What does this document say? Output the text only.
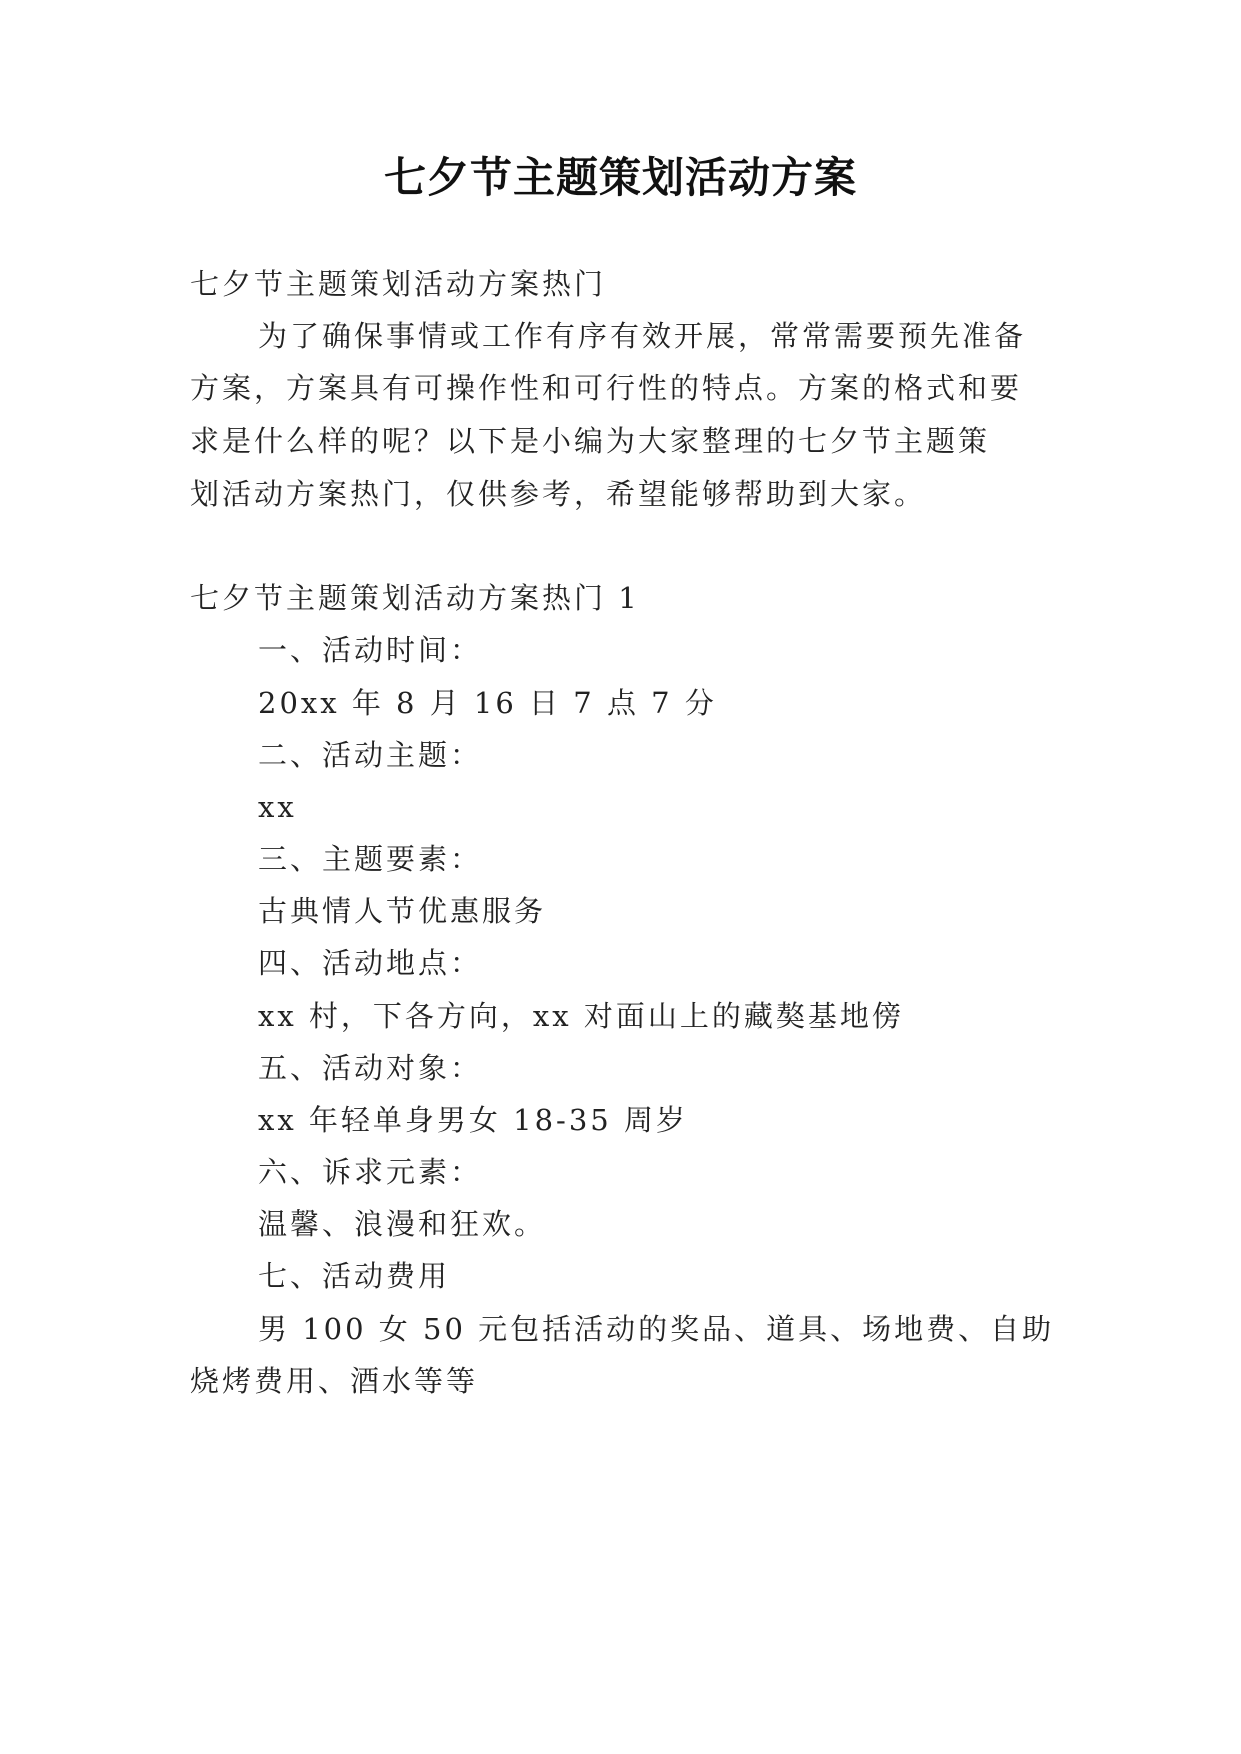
七夕节主题策划活动方案
七夕节主题策划活动方案热门
为了确保事情或工作有序有效开展，常常需要预先准备
方案，方案具有可操作性和可行性的特点。方案的格式和要
求是什么样的呢？以下是小编为大家整理的七夕节主题策
划活动方案热门，仅供参考，希望能够帮助到大家。
七夕节主题策划活动方案热门 1
一、活动时间：
20xx 年 8 月 16 日 7 点 7 分
二、活动主题：
xx
三、主题要素：
古典情人节优惠服务
四、活动地点：
xx 村，下各方向，xx 对面山上的藏獒基地傍
五、活动对象：
xx 年轻单身男女 18-35 周岁
六、诉求元素：
温馨、浪漫和狂欢。
七、活动费用
男 100 女 50 元包括活动的奖品、道具、场地费、自助
烧烤费用、酒水等等
